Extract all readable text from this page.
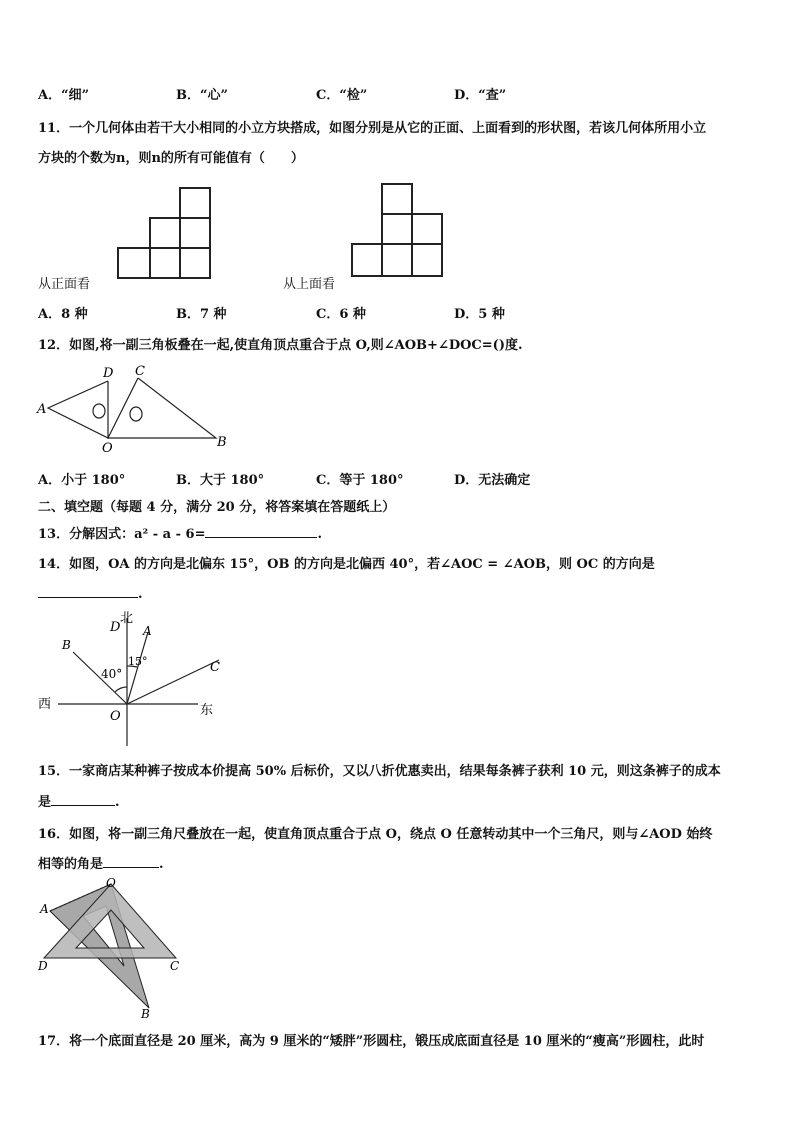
A．“细”	B．“心”	C．“检”	D．“查”
11．一个几何体由若干大小相同的小立方块搭成，如图分别是从它的正面、上面看到的形状图，若该几何体所用小立
方块的个数为n，则n的所有可能值有（　　）
从正面看	从上面看
A．8 种	B．7 种	C．6 种	D．5 种
12．如图,将一副三角板叠在一起,使直角顶点重合于点 O,则∠AOB+∠DOC=()度.
D C
A
O	B
A．小于 180°	B．大于 180°	C．等于 180°	D．无法确定
二、填空题（每题 4 分，满分 20 分，将答案填在答题纸上）
13．分解因式：a² - a - 6=	.
14．如图，OA 的方向是北偏东 15°，OB 的方向是北偏西 40°，若∠AOC = ∠AOB，则 OC 的方向是
.
北
D A
B
C
40°
15°
西	东
O
15．一家商店某种裤子按成本价提高 50% 后标价，又以八折优惠卖出，结果每条裤子获利 10 元，则这条裤子的成本
是	.
16．如图，将一副三角尺叠放在一起，使直角顶点重合于点 O，绕点 O 任意转动其中一个三角尺，则与∠AOD 始终
相等的角是	.
O
A
D	C
B
17．将一个底面直径是 20 厘米，高为 9 厘米的“矮胖”形圆柱，锻压成底面直径是 10 厘米的“瘦高”形圆柱，此时
